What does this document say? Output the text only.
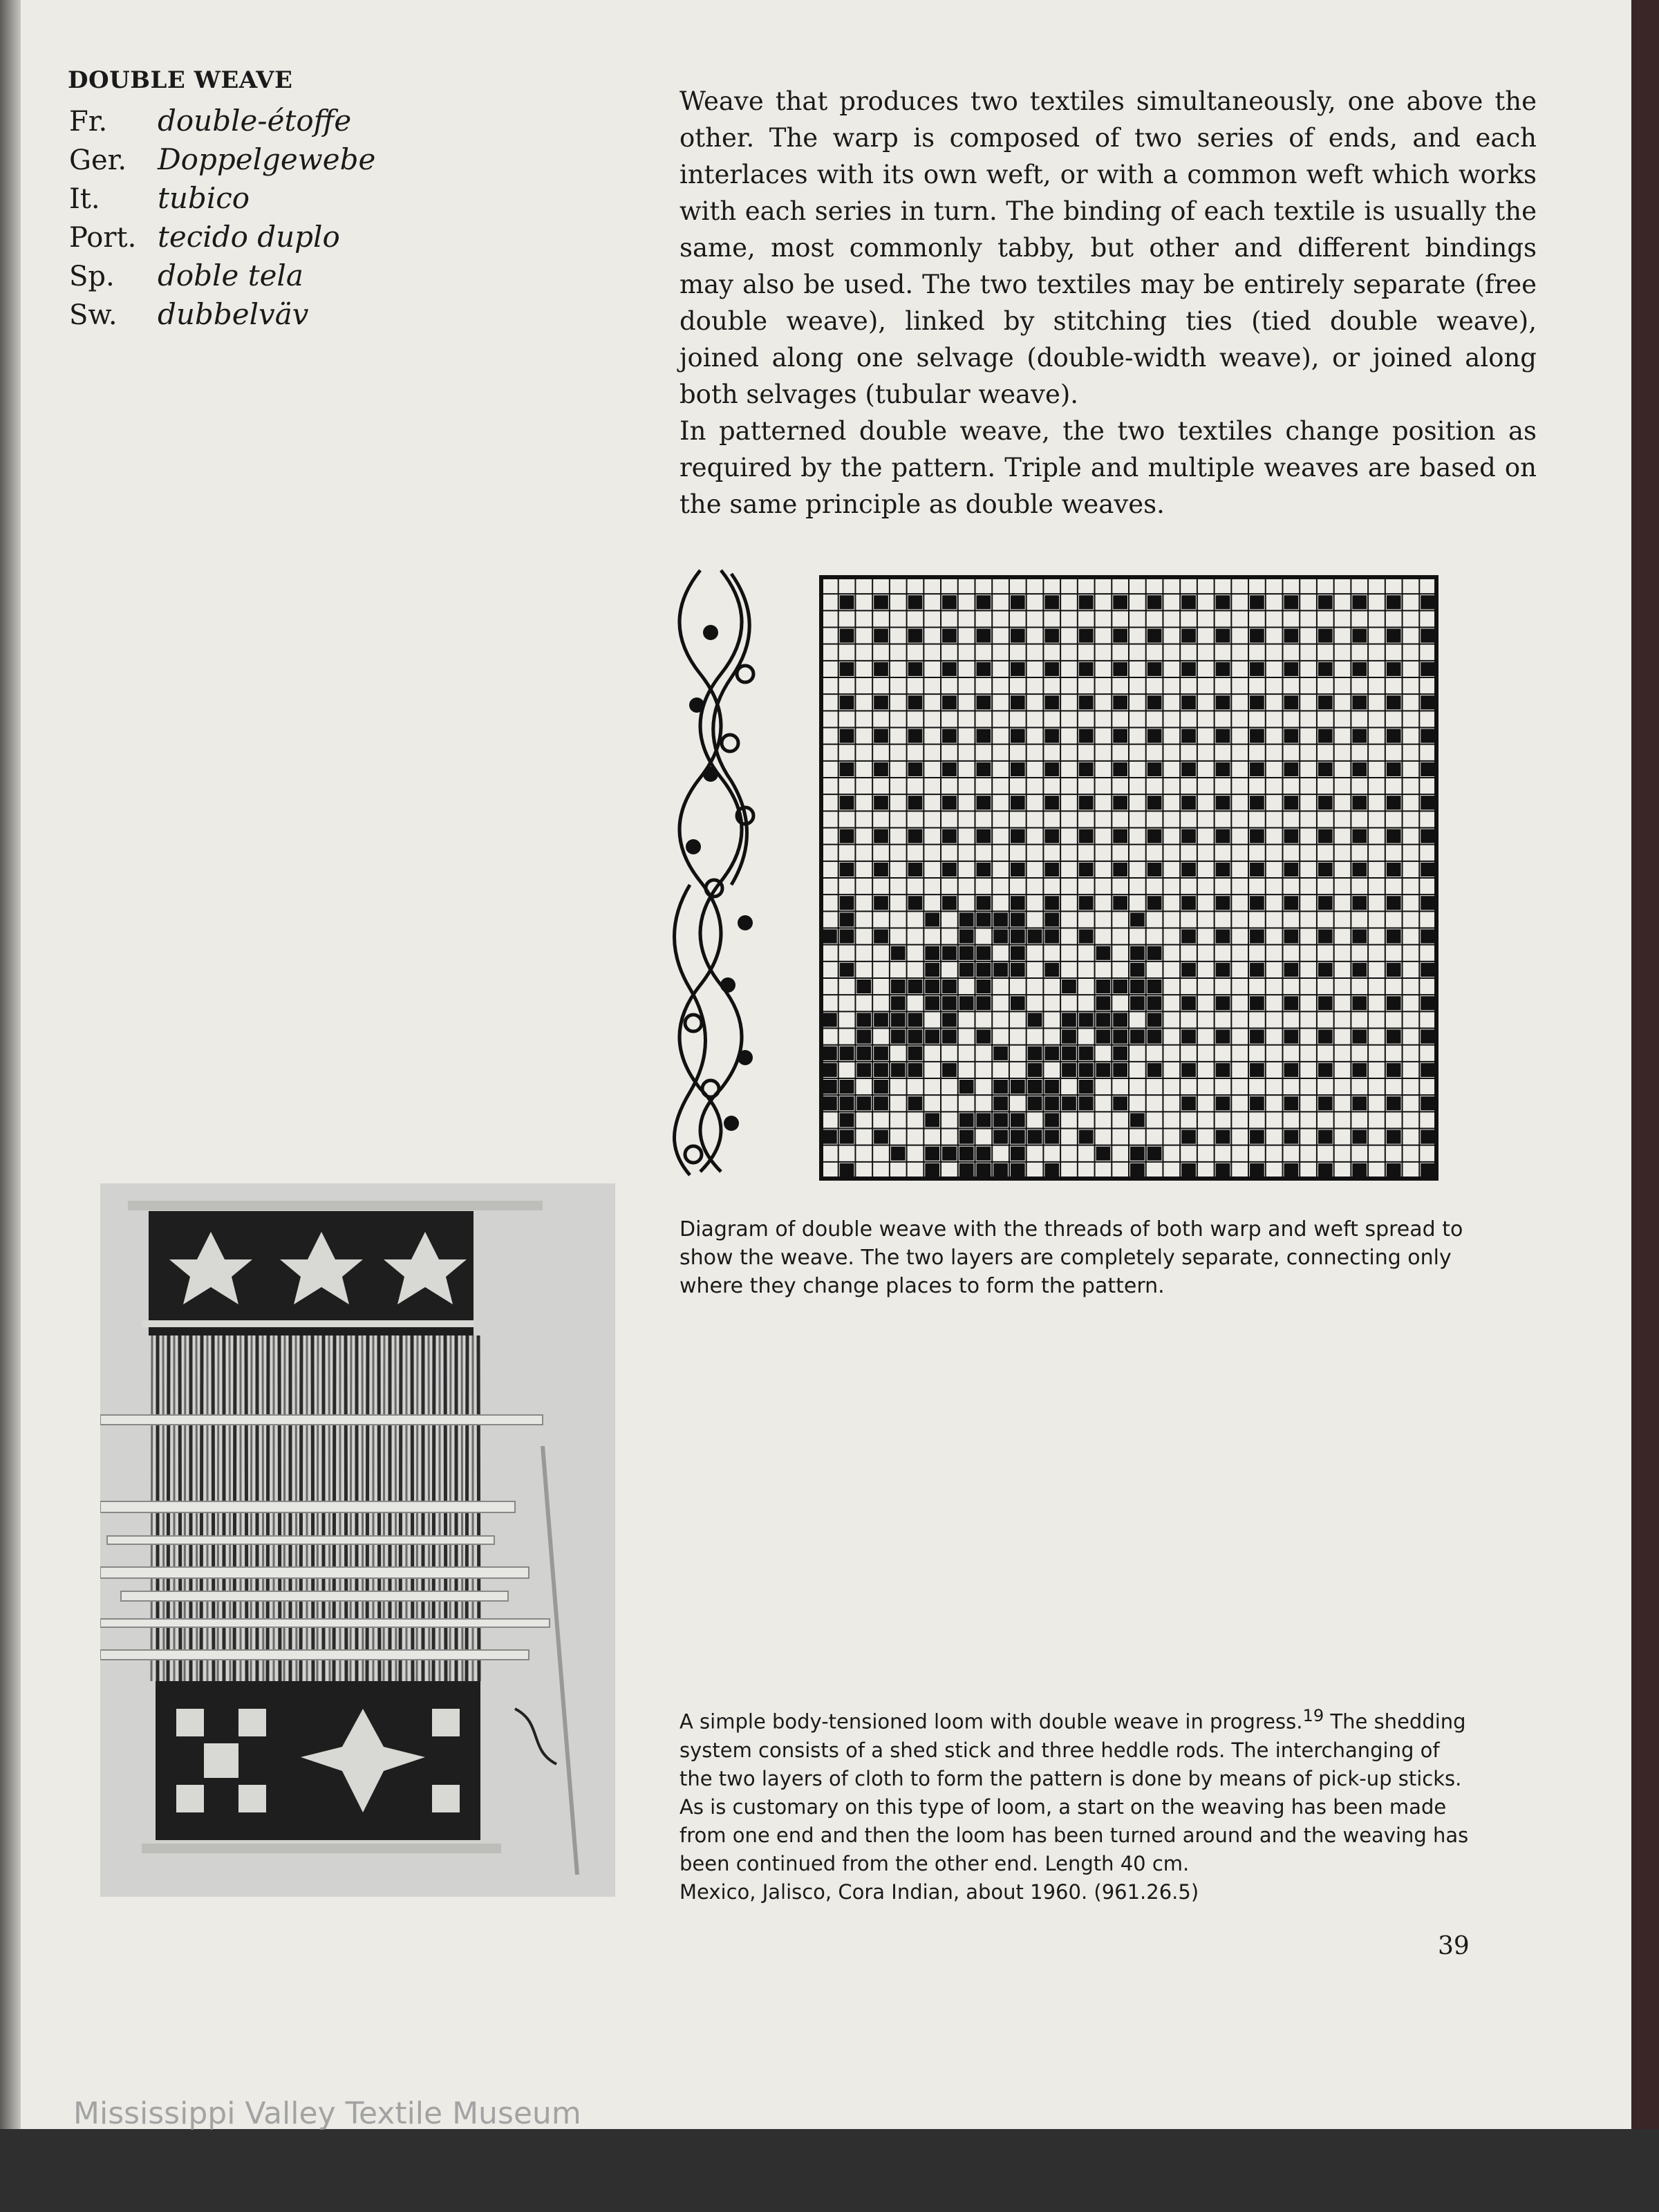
DOUBLE WEAVE
Fr.	double-étoffe
Ger.	Doppelgewebe
It.	tubico
Port. tecido duplo
Sp.	doble tela
Sw.	dubbelväv

Weave that produces two textiles simultaneously, one above the other. The warp is composed of two series of ends, and each interlaces with its own weft, or with a common weft which works with each series in turn. The binding of each textile is usually the same, most commonly tabby, but other and different bindings may also be used. The two textiles may be entirely separate (free double weave), linked by stitching ties (tied double weave), joined along one selvage (double-width weave), or joined along both selvages (tubular weave).

In patterned double weave, the two textiles change position as required by the pattern. Triple and multiple weaves are based on the same principle as double weaves.

Diagram of double weave with the threads of both warp and weft spread to show the weave. The two layers are completely separate, connecting only where they change places to form the pattern.

A simple body-tensioned loom with double weave in progress.$^{19}$ The shedding system consists of a shed stick and three heddle rods. The interchanging of the two layers of cloth to form the pattern is done by means of pick-up sticks. As is customary on this type of loom, a start on the weaving has been made from one end and then the loom has been turned around and the weaving has been continued from the other end. Length 40 cm.

Mexico, Jalisco, Cora Indian, about 1960. (961.26.5)

39
Mississippi Valley Textile Museum
